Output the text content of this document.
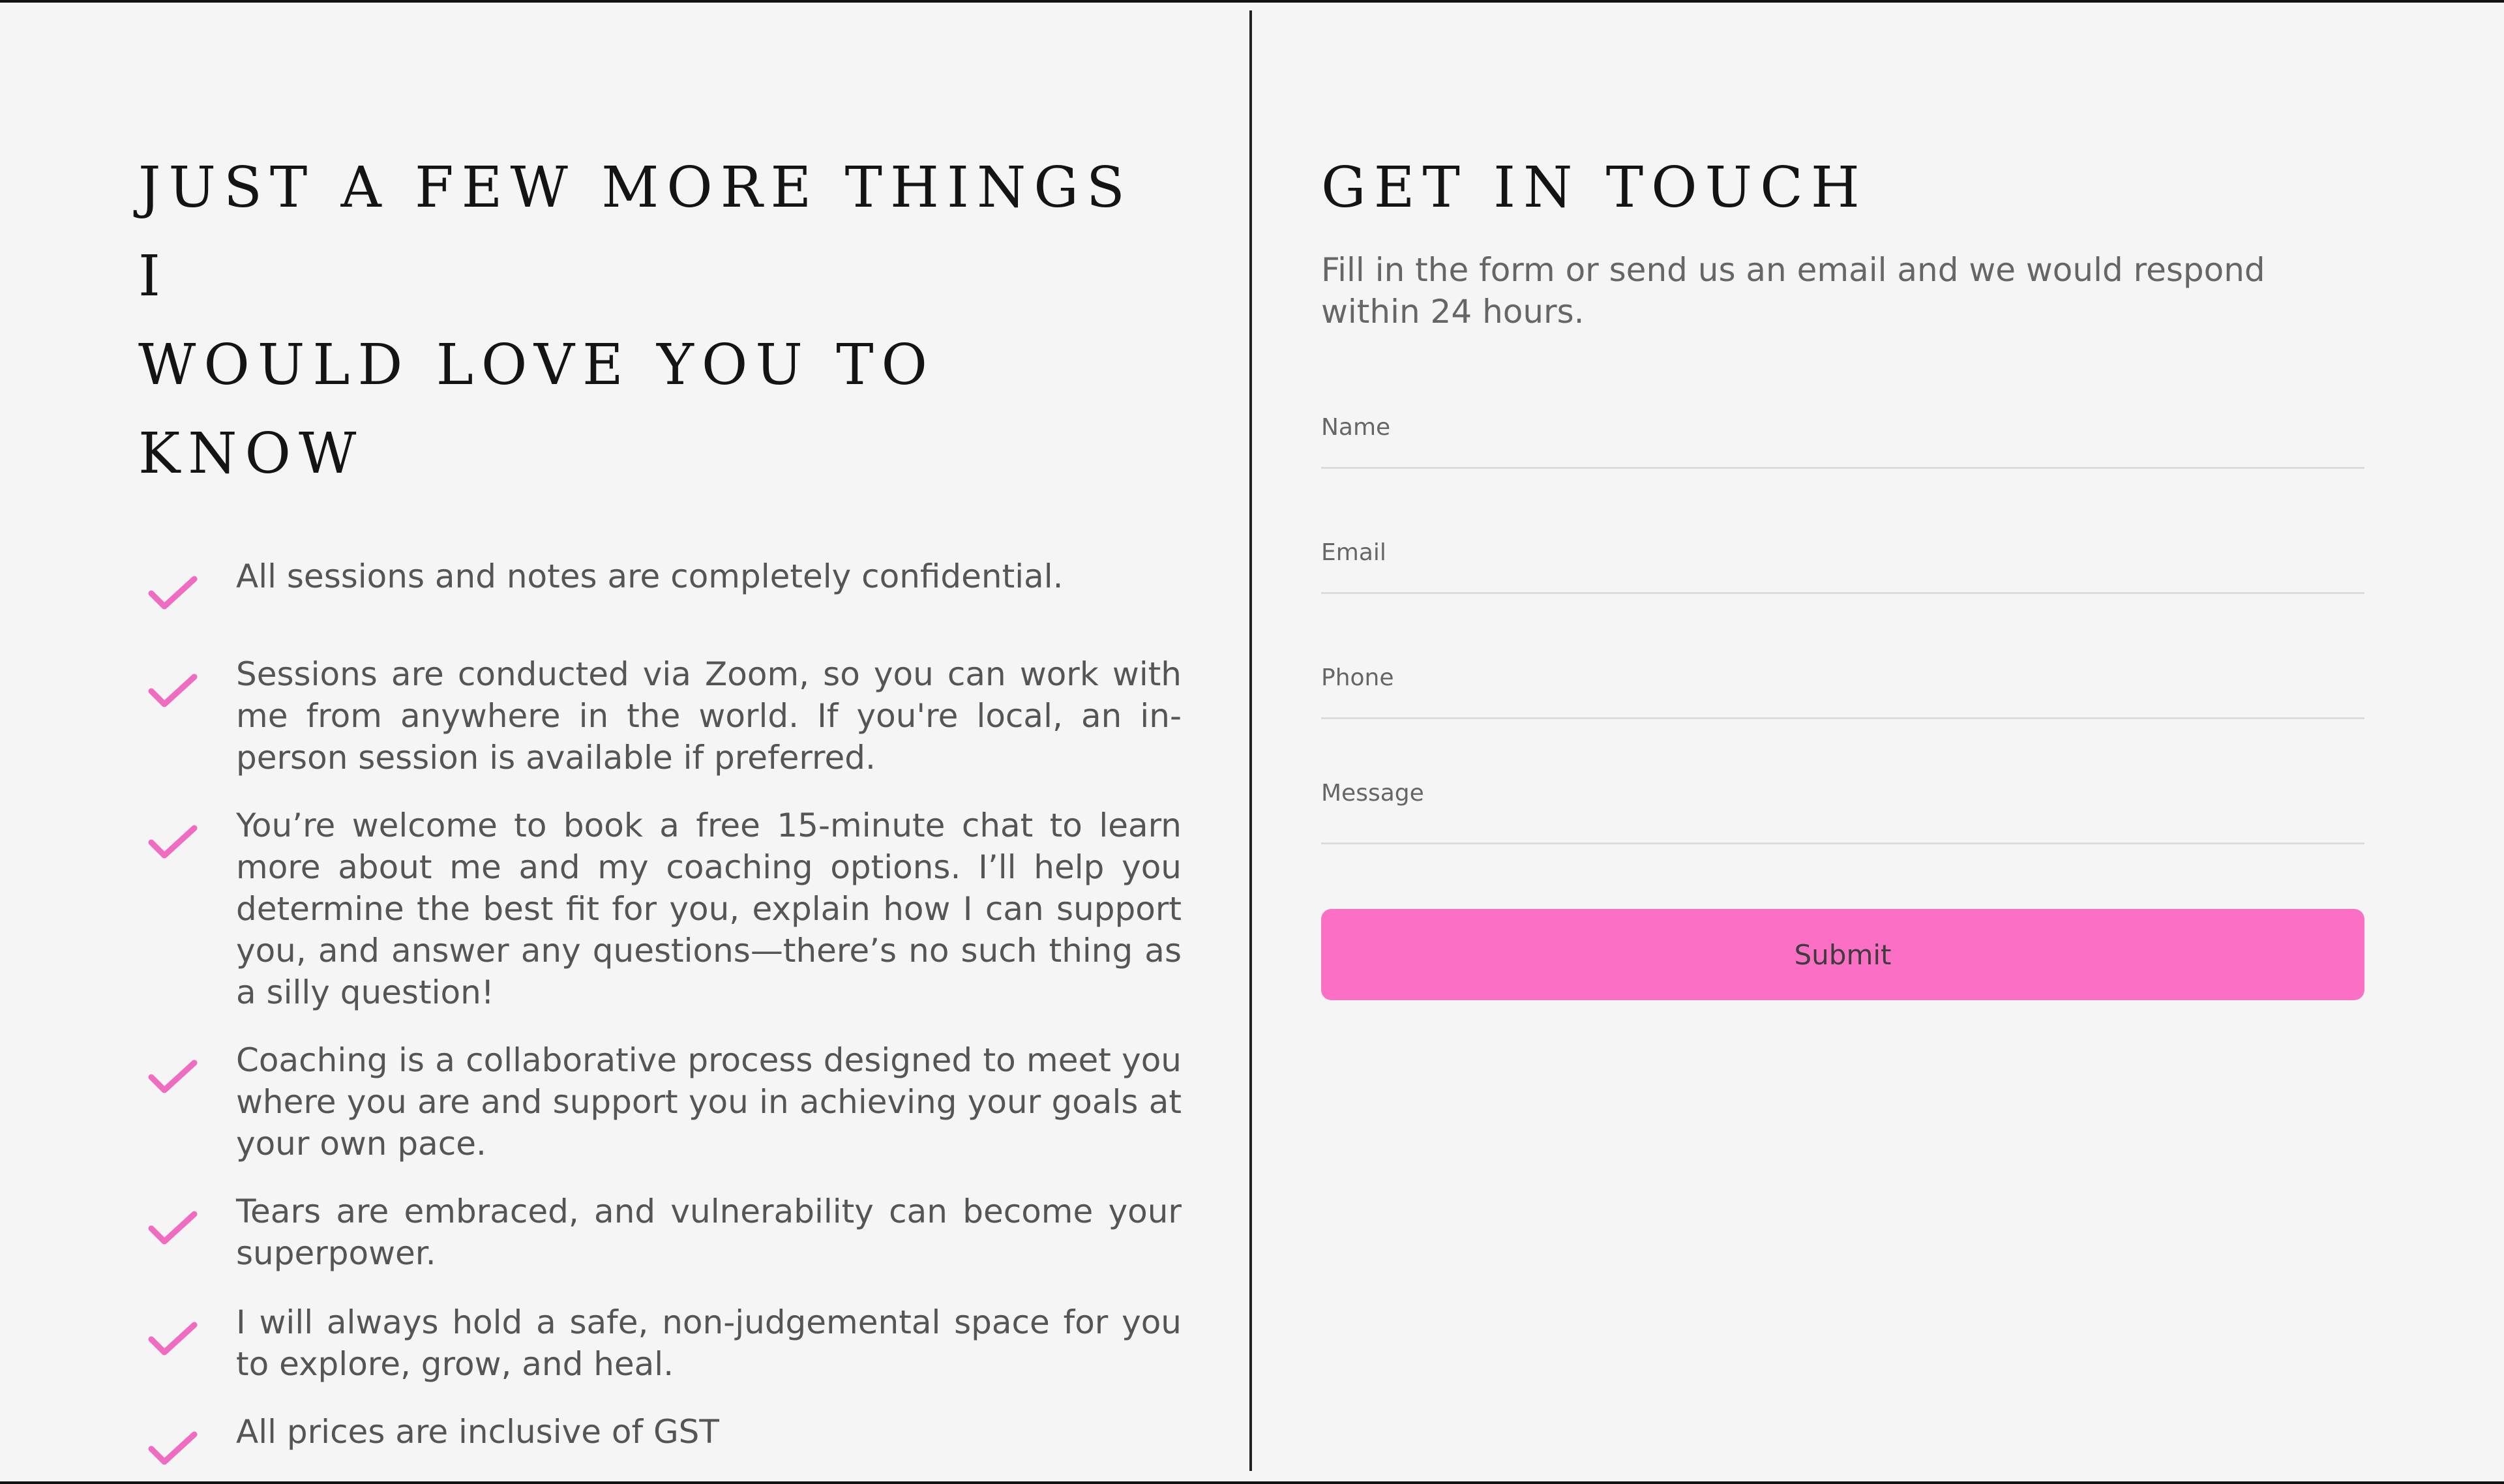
JUST A FEW MORE THINGS I
WOULD LOVE YOU TO KNOW

All sessions and notes are completely confidential.

Sessions are conducted via Zoom, so you can work with me from anywhere in the world. If you're local, an in-person session is available if preferred.

You’re welcome to book a free 15-minute chat to learn more about me and my coaching options. I’ll help you determine the best fit for you, explain how I can support you, and answer any questions—there’s no such thing as a silly question!

Coaching is a collaborative process designed to meet you where you are and support you in achieving your goals at your own pace.

Tears are embraced, and vulnerability can become your superpower.

I will always hold a safe, non-judgemental space for you to explore, grow, and heal.

All prices are inclusive of GST

GET IN TOUCH

Fill in the form or send us an email and we would respond within 24 hours.

Name
Email
Phone
Message
Submit
